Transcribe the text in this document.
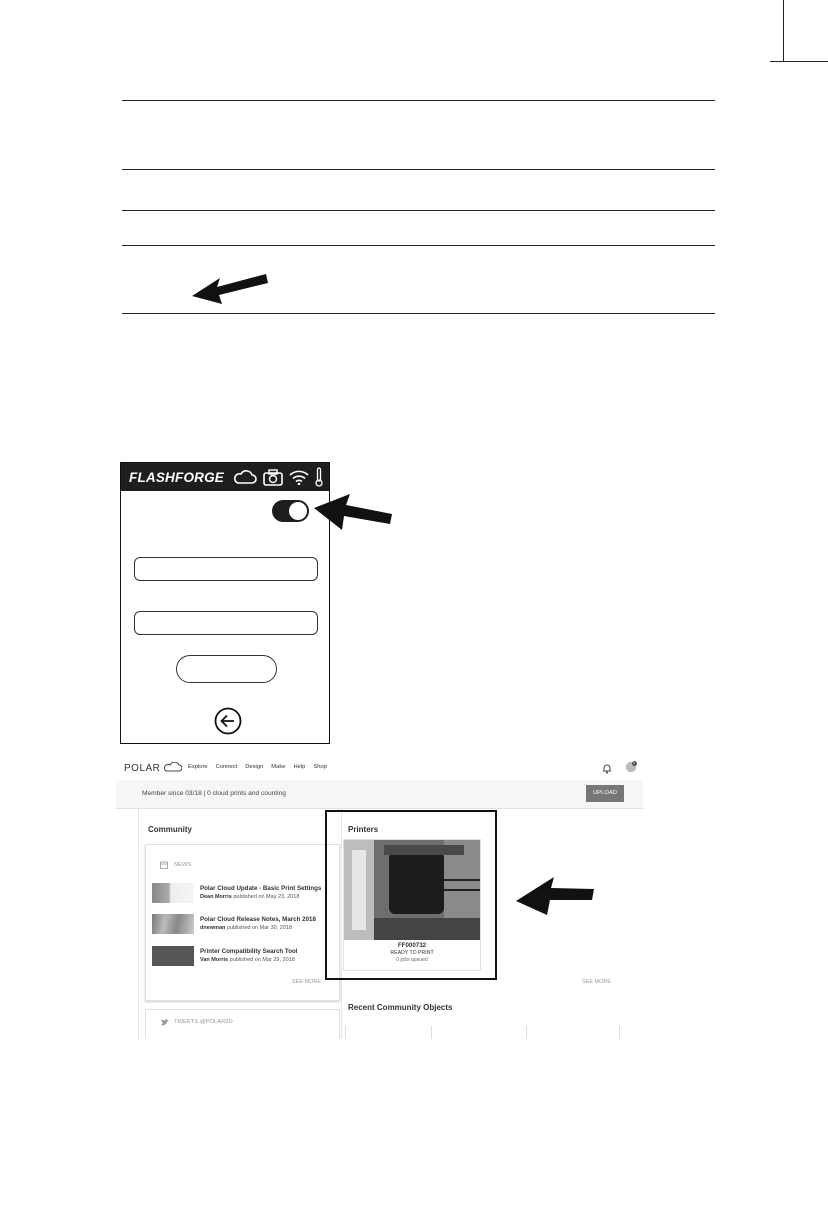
FLASHFORGE
POLAR	Explore Connect Design Make Help Shop
1
Member since 03/18 | 0 cloud prints and counting	UPLOAD
Community
NEWS
Polar Cloud Update - Basic Print Settings
Dean Morris published on May 23, 2018
Polar Cloud Release Notes, March 2018
dnewman published on Mar 30, 2018
Printer Compatibility Search Tool
Van Morris published on Mar 29, 2018
SEE MORE
TWEETS @POLAR3D
Printers
FF000732
READY TO PRINT
0 jobs queued
SEE MORE
Recent Community Objects
